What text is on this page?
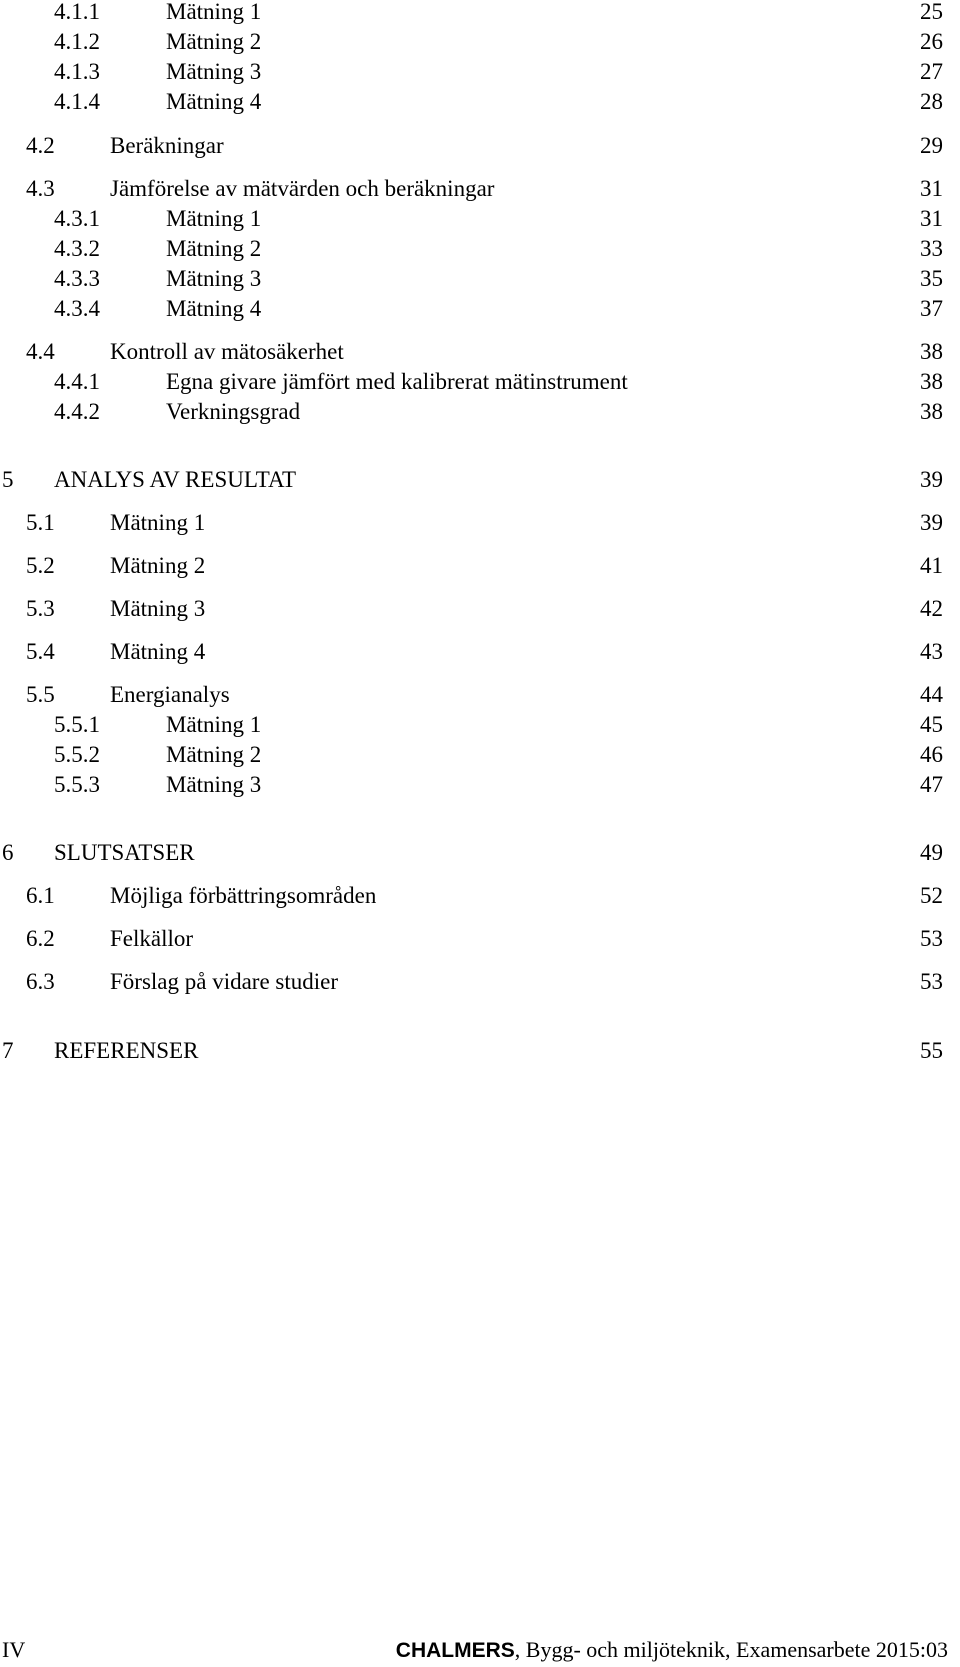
4.1.1	Mätning 1	25
4.1.2	Mätning 2	26
4.1.3	Mätning 3	27
4.1.4	Mätning 4	28
4.2 Beräkningar	29
4.3 Jämförelse av mätvärden och beräkningar	31
4.3.1	Mätning 1	31
4.3.2	Mätning 2	33
4.3.3	Mätning 3	35
4.3.4	Mätning 4	37
4.4 Kontroll av mätosäkerhet	38
4.4.1	Egna givare jämfört med kalibrerat mätinstrument	38
4.4.2	Verkningsgrad	38
5 ANALYS AV RESULTAT	39
5.1 Mätning 1	39
5.2 Mätning 2	41
5.3 Mätning 3	42
5.4 Mätning 4	43
5.5 Energianalys	44
5.5.1	Mätning 1	45
5.5.2	Mätning 2	46
5.5.3	Mätning 3	47
6 SLUTSATSER	49
6.1 Möjliga förbättringsområden	52
6.2 Felkällor	53
6.3 Förslag på vidare studier	53
7 REFERENSER	55
IV	CHALMERS, Bygg- och miljöteknik, Examensarbete 2015:03
